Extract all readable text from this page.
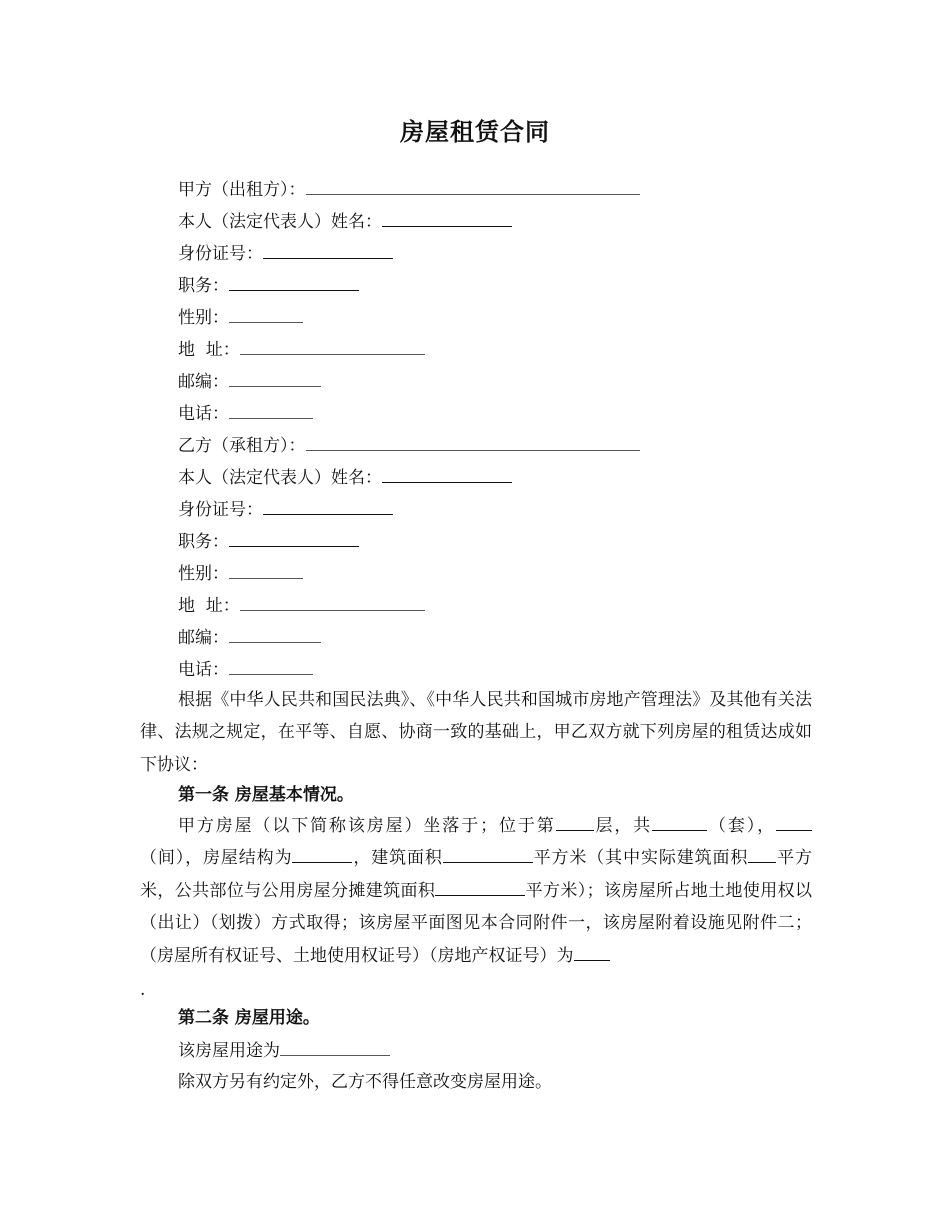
房屋租赁合同
甲方（出租方）：
本人（法定代表人）姓名：
身份证号：
职务：
性别：
地  址：
邮编：
电话：
乙方（承租方）：
本人（法定代表人）姓名：
身份证号：
职务：
性别：
地  址：
邮编：
电话：

根据《中华人民共和国民法典》、《中华人民共和国城市房地产管理法》及其他有关法律、法规之规定，在平等、自愿、协商一致的基础上，甲乙双方就下列房屋的租赁达成如下协议：

第一条 房屋基本情况。

甲方房屋（以下简称该房屋）坐落于；位于第 层，共	（套），（间），房屋结构为	，建筑面积	平方米（其中实际建筑面积 平方米，公共部位与公用房屋分摊建筑面积	平方米）；该房屋所占地土地使用权以（出让）（划拨）方式取得；该房屋平面图见本合同附件一，该房屋附着设施见附件二；（房屋所有权证号、土地使用权证号）（房地产权证号）为

.
第二条 房屋用途。
该房屋用途为
除双方另有约定外，乙方不得任意改变房屋用途。
